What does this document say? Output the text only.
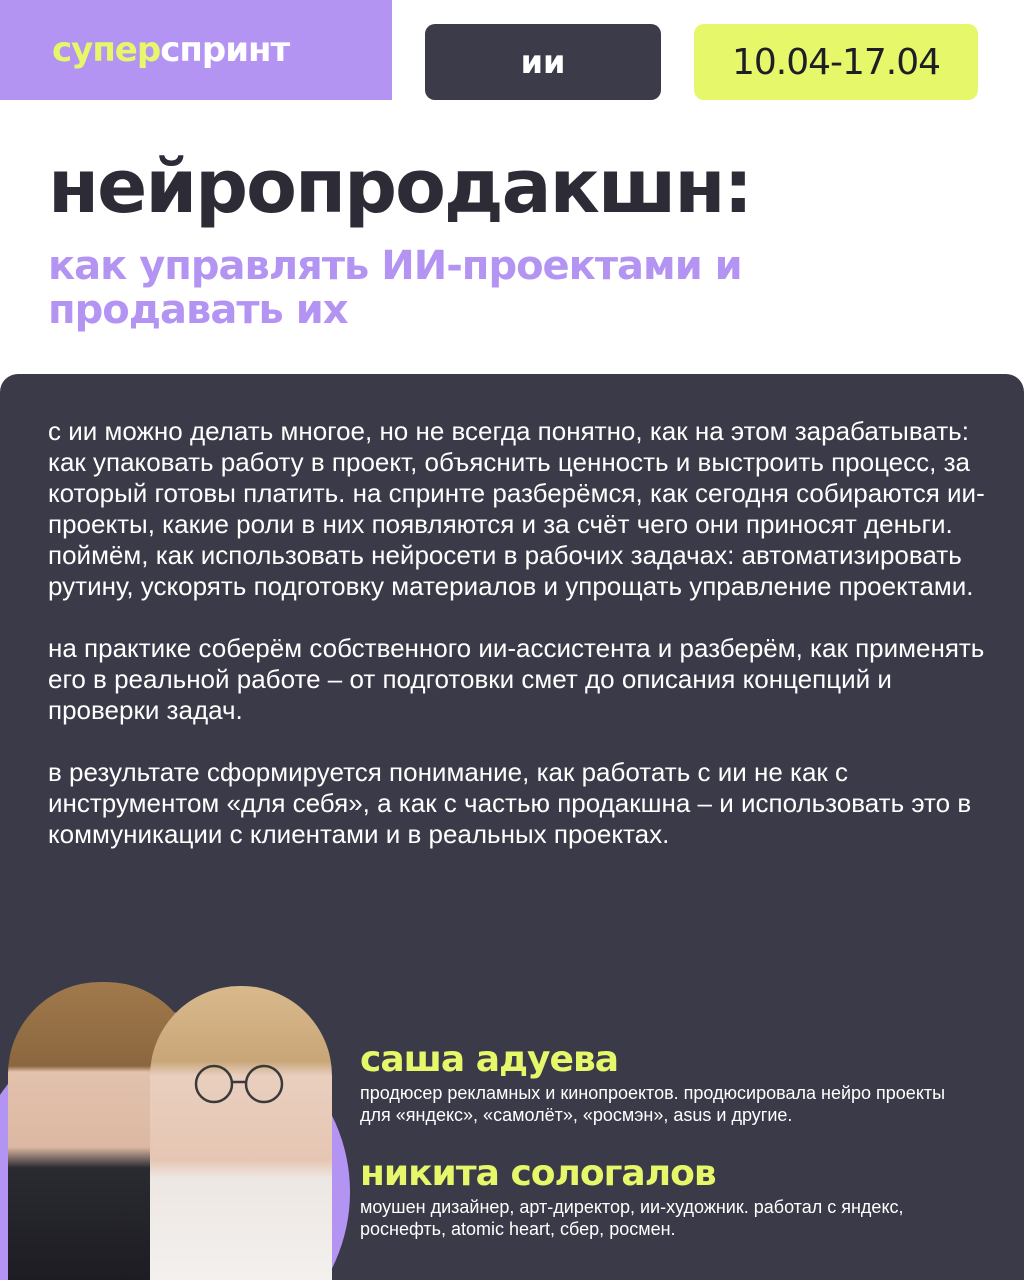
супер спринт	ии	10.04-17.04
нейропродакшн:
как управлять ИИ-проектами и продавать их

с ии можно делать многое, но не всегда понятно, как на этом зарабатывать: как упаковать работу в проект, объяснить ценность и выстроить процесс, за который готовы платить. на спринте разберёмся, как сегодня собираются ии-проекты, какие роли в них появляются и за счёт чего они приносят деньги. поймём, как использовать нейросети в рабочих задачах: автоматизировать рутину, ускорять подготовку материалов и упрощать управление проектами.

на практике соберём собственного ии-ассистента и разберём, как применять его в реальной работе – от подготовки смет до описания концепций и проверки задач.

в результате сформируется понимание, как работать с ии не как с инструментом «для себя», а как с частью продакшна – и использовать это в коммуникации с клиентами и в реальных проектах.

саша адуева
продюсер рекламных и кинопроектов. продюсировала нейро проекты для «яндекс», «самолёт», «росмэн», asus и другие.
никита сологалов
моушен дизайнер, арт-директор, ии-художник. работал с яндекс, роснефть, atomic heart, сбер, росмен.
